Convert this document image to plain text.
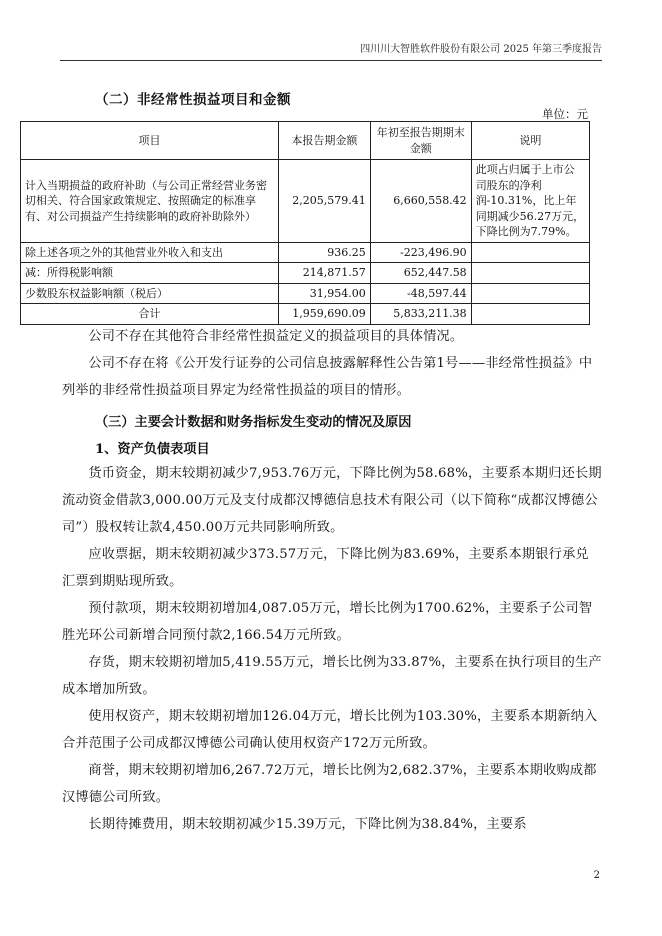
四川川大智胜软件股份有限公司 2025 年第三季度报告
（二）非经常性损益项目和金额
单位：元
项目	本报告期金额	年初至报告期期末金额	说明
计入当期损益的政府补助（与公司正常经营业务密切相关、符合国家政策规定、按照确定的标准享有、对公司损益产生持续影响的政府补助除外）	2,205,579.41	6,660,558.42	此项占归属于上市公司股东的净利润-10.31%，比上年同期减少56.27万元，下降比例为7.79%。
除上述各项之外的其他营业外收入和支出	936.25	-223,496.90	
减：所得税影响额	214,871.57	652,447.58	
少数股东权益影响额（税后）	31,954.00	-48,597.44	
合计	1,959,690.09	5,833,211.38	

公司不存在其他符合非经常性损益定义的损益项目的具体情况。

公司不存在将《公开发行证券的公司信息披露解释性公告第1号——非经常性损益》中列举的非经常性损益项目界定为经常性损益的项目的情形。

（三）主要会计数据和财务指标发生变动的情况及原因
1、资产负债表项目

货币资金，期末较期初减少7,953.76万元，下降比例为58.68%，主要系本期归还长期流动资金借款3,000.00万元及支付成都汉博德信息技术有限公司（以下简称“成都汉博德公司”）股权转让款4,450.00万元共同影响所致。

应收票据，期末较期初减少373.57万元，下降比例为83.69%，主要系本期银行承兑汇票到期贴现所致。

预付款项，期末较期初增加4,087.05万元，增长比例为1700.62%，主要系子公司智胜光环公司新增合同预付款2,166.54万元所致。

存货，期末较期初增加5,419.55万元，增长比例为33.87%，主要系在执行项目的生产成本增加所致。

使用权资产，期末较期初增加126.04万元，增长比例为103.30%，主要系本期新纳入合并范围子公司成都汉博德公司确认使用权资产172万元所致。

商誉，期末较期初增加6,267.72万元，增长比例为2,682.37%，主要系本期收购成都汉博德公司所致。

长期待摊费用，期末较期初减少15.39万元，下降比例为38.84%，主要系

2
